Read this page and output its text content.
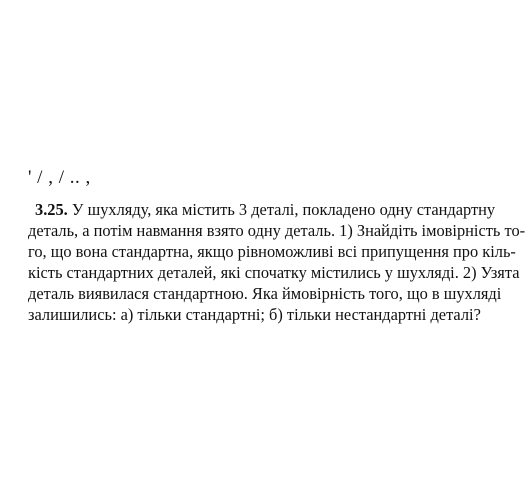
' / , / .. ,

3.25. У шухляду, яка містить 3 деталі, покладено одну стандартну
деталь, а потім навмання взято одну деталь. 1) Знайдіть імовірність то-
го, що вона стандартна, якщо рівноможливі всі припущення про кіль-
кість стандартних деталей, які спочатку містились у шухляді. 2) Узята
деталь виявилася стандартною. Яка ймовірність того, що в шухляді
залишились: а) тільки стандартні; б) тільки нестандартні деталі?
